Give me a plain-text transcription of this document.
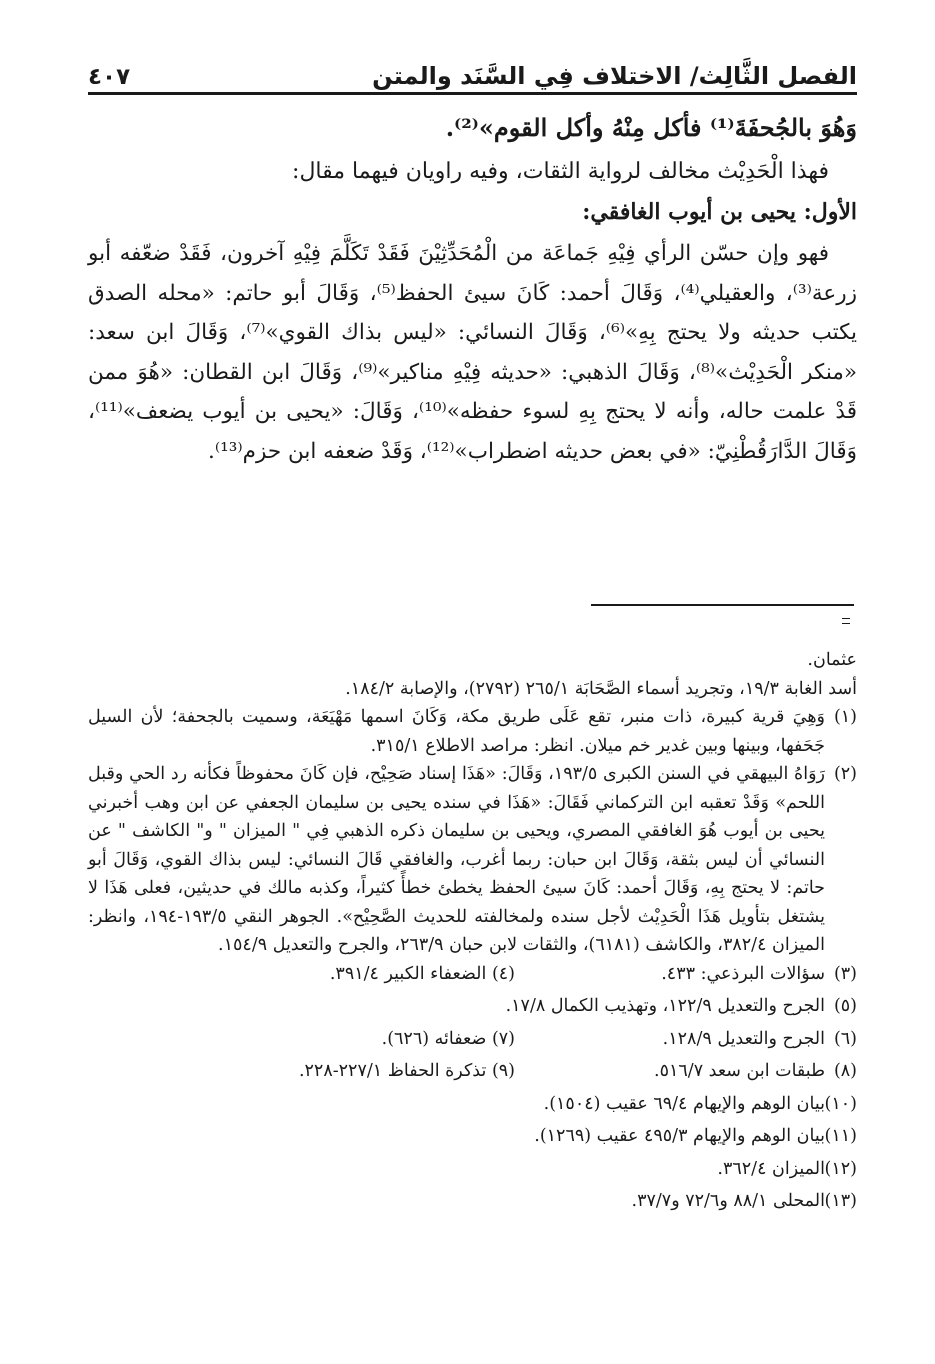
الفصل الثَّالِث/ الاختلاف فِي السَّنَد والمتن
٤٠٧

وَهُوَ بالجُحفَةَ⁽¹⁾ فأكل مِنْهُ وأكل القوم»⁽²⁾.

فهذا الْحَدِيْث مخالف لرواية الثقات، وفيه راويان فيهما مقال:

الأول: يحيى بن أيوب الغافقي:

فهو وإن حسّن الرأي فِيْهِ جَماعَة من الْمُحَدِّثِيْنَ فَقَدْ تَكَلَّمَ فِيْهِ آخرون، فَقَدْ ضعّفه أبو زرعة⁽³⁾، والعقيلي⁽⁴⁾، وَقَالَ أحمد: كَانَ سيئ الحفظ⁽⁵⁾، وَقَالَ أبو حاتم: «محله الصدق يكتب حديثه ولا يحتج بِهِ»⁽⁶⁾، وَقَالَ النسائي: «ليس بذاك القوي»⁽⁷⁾، وَقَالَ ابن سعد: «منكر الْحَدِيْث»⁽⁸⁾، وَقَالَ الذهبي: «حديثه فِيْهِ مناكير»⁽⁹⁾، وَقَالَ ابن القطان: «هُوَ ممن قَدْ علمت حاله، وأنه لا يحتج بِهِ لسوء حفظه»⁽¹⁰⁾، وَقَالَ: «يحيى بن أيوب يضعف»⁽¹¹⁾، وَقَالَ الدَّارَقُطْنِيّ: «في بعض حديثه اضطراب»⁽¹²⁾، وَقَدْ ضعفه ابن حزم⁽¹³⁾.

عثمان.

أسد الغابة ١٩/٣، وتجريد أسماء الصَّحَابَة ٢٦٥/١ (٢٧٩٢)، والإصابة ١٨٤/٢.

(١)
وَهِيَ قرية كبيرة، ذات منبر، تقع عَلَى طريق مكة، وَكَانَ اسمها مَهْيَعَة، وسميت بالجحفة؛ لأن السيل جَحَفها، وبينها وبين غدير خم ميلان. انظر: مراصد الاطلاع ٣١٥/١.

(٢)
رَوَاهُ البيهقي في السنن الكبرى ١٩٣/٥، وَقَالَ: «هَذَا إسناد صَحِيْح، فإن كَانَ محفوظاً فكأنه رد الحي وقبل اللحم» وَقَدْ تعقبه ابن التركماني فَقَالَ: «هَذَا في سنده يحيى بن سليمان الجعفي عن ابن وهب أخبرني يحيى بن أيوب هُوَ الغافقي المصري، ويحيى بن سليمان ذكره الذهبي فِي " الميزان " و" الكاشف " عن النسائي أن ليس بثقة، وَقَالَ ابن حبان: ربما أغرب، والغافقي قَالَ النسائي: ليس بذاك القوي، وَقَالَ أبو حاتم: لا يحتج بِهِ، وَقَالَ أحمد: كَانَ سيئ الحفظ يخطئ خطأً كثيراً، وكذبه مالك في حديثين، فعلى هَذَا لا يشتغل بتأويل هَذَا الْحَدِيْث لأجل سنده ولمخالفته للحديث الصَّحِيْح». الجوهر النقي ١٩٣/٥-١٩٤، وانظر: الميزان ٣٨٢/٤، والكاشف (٦١٨١)، والثقات لابن حبان ٢٦٣/٩، والجرح والتعديل ١٥٤/٩.

(٣)
سؤالات البرذعي: ٤٣٣.
(٤)

الضعفاء الكبير ٣٩١/٤.
(٥)
الجرح والتعديل ١٢٢/٩، وتهذيب الكمال ١٧/٨.
(٦)
الجرح والتعديل ١٢٨/٩.
(٧)

ضعفائه (٦٢٦).
(٨)
طبقات ابن سعد ٥١٦/٧.
(٩)

تذكرة الحفاظ ٢٢٧/١-٢٢٨.

(١٠)
بيان الوهم والإيهام ٦٩/٤ عقيب (١٥٠٤).

(١١)
بيان الوهم والإيهام ٤٩٥/٣ عقيب (١٢٦٩).

(١٢)
الميزان ٣٦٢/٤.

(١٣)
المحلى ٨٨/١ و٧٢/٦ و٣٧/٧.
